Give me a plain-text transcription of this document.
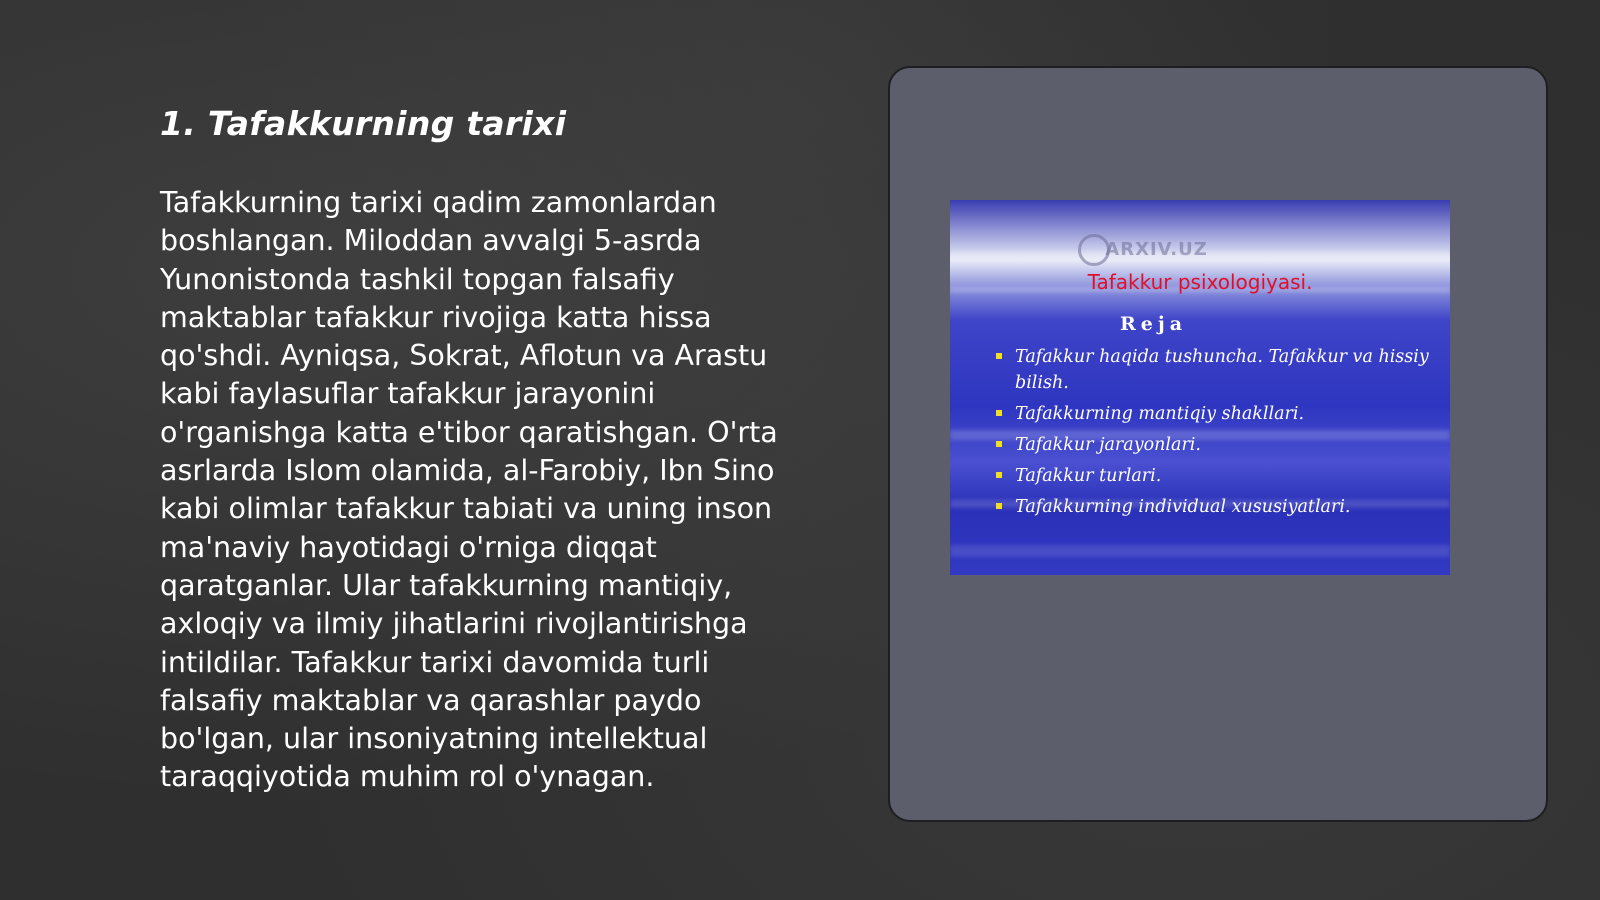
1. Tafakkurning tarixi

Tafakkurning tarixi qadim zamonlardan boshlangan. Miloddan avvalgi 5-asrda Yunonistonda tashkil topgan falsafiy maktablar tafakkur rivojiga katta hissa qo'shdi. Ayniqsa, Sokrat, Aflotun va Arastu kabi faylasuflar tafakkur jarayonini o'rganishga katta e'tibor qaratishgan. O'rta asrlarda Islom olamida, al-Farobiy, Ibn Sino kabi olimlar tafakkur tabiati va uning inson ma'naviy hayotidagi o'rniga diqqat qaratganlar. Ular tafakkurning mantiqiy, axloqiy va ilmiy jihatlarini rivojlantirishga intildilar. Tafakkur tarixi davomida turli falsafiy maktablar va qarashlar paydo bo'lgan, ular insoniyatning intellektual taraqqiyotida muhim rol o'ynagan.

ARXIV.UZ
Tafakkur psixologiyasi.
Reja
Tafakkur haqida tushuncha. Tafakkur va hissiy bilish.
Tafakkurning mantiqiy shakllari.
Tafakkur jarayonlari.
Tafakkur turlari.
Tafakkurning individual xususiyatlari.
